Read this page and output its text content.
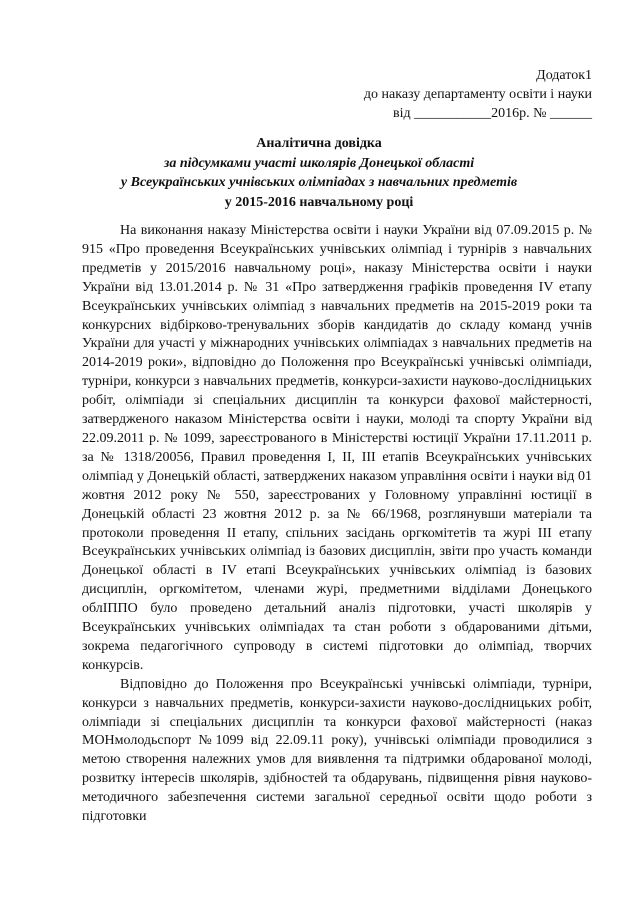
Додаток1
до наказу департаменту освіти і науки
від ___________2016р. № ______
Аналітична довідка
за підсумками участі школярів Донецької області
у Всеукраїнських учнівських олімпіадах з навчальних предметів
у 2015-2016 навчальному році

На виконання наказу Міністерства освіти і науки України від 07.09.2015 р. № 915 «Про проведення Всеукраїнських учнівських олімпіад і турнірів з навчальних предметів у 2015/2016 навчальному році», наказу Міністерства освіти і науки України від 13.01.2014 р. № 31 «Про затвердження графіків проведення IV етапу Всеукраїнських учнівських олімпіад з навчальних предметів на 2015-2019 роки та конкурсних відбірково-тренувальних зборів кандидатів до складу команд учнів України для участі у міжнародних учнівських олімпіадах з навчальних предметів на 2014-2019 роки», відповідно до Положення про Всеукраїнські учнівські олімпіади, турніри, конкурси з навчальних предметів, конкурси-захисти науково-дослідницьких робіт, олімпіади зі спеціальних дисциплін та конкурси фахової майстерності, затвердженого наказом Міністерства освіти і науки, молоді та спорту України від 22.09.2011 р. № 1099, зареєстрованого в Міністерстві юстиції України 17.11.2011 р. за № 1318/20056, Правил проведення I, II, III етапів Всеукраїнських учнівських олімпіад у Донецькій області, затверджених наказом управління освіти і науки від 01 жовтня 2012 року № 550, зареєстрованих у Головному управлінні юстиції в Донецькій області 23 жовтня 2012 р. за № 66/1968, розглянувши матеріали та протоколи проведення II етапу, спільних засідань оргкомітетів та журі III етапу Всеукраїнських учнівських олімпіад із базових дисциплін, звіти про участь команди Донецької області в IV етапі Всеукраїнських учнівських олімпіад із базових дисциплін, оргкомітетом, членами журі, предметними відділами Донецького облІППО було проведено детальний аналіз підготовки, участі школярів у Всеукраїнських учнівських олімпіадах та стан роботи з обдарованими дітьми, зокрема педагогічного супроводу в системі підготовки до олімпіад, творчих конкурсів.

Відповідно до Положення про Всеукраїнські учнівські олімпіади, турніри, конкурси з навчальних предметів, конкурси-захисти науково-дослідницьких робіт, олімпіади зі спеціальних дисциплін та конкурси фахової майстерності (наказ МОНмолодьспорт №1099 від 22.09.11 року), учнівські олімпіади проводилися з метою створення належних умов для виявлення та підтримки обдарованої молоді, розвитку інтересів школярів, здібностей та обдарувань, підвищення рівня науково-методичного забезпечення системи загальної середньої освіти щодо роботи з підготовки
